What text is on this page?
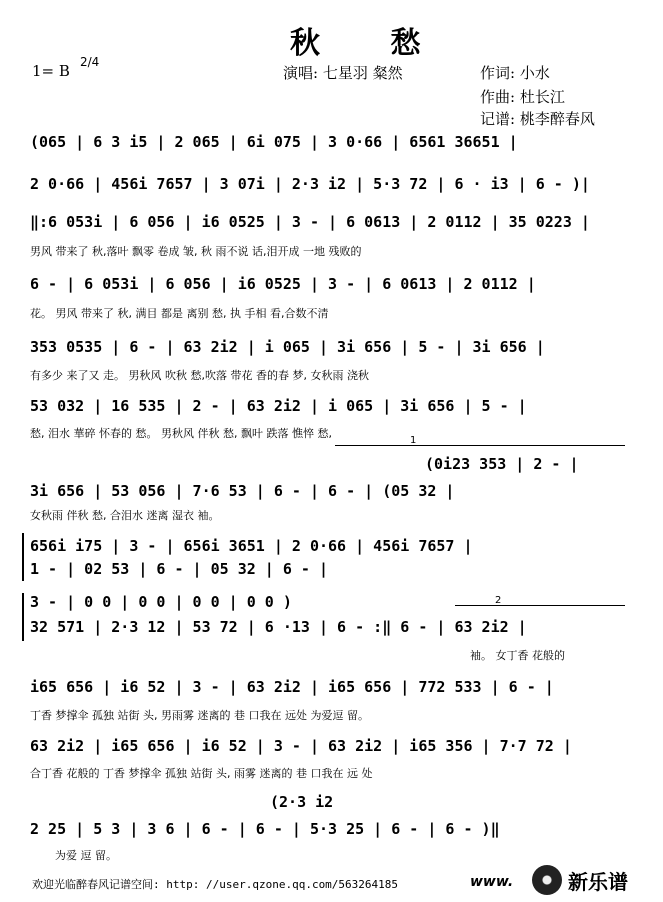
秋 愁
1= B 2/4
演唱: 七星羽 粲然	作词: 小水
作曲: 杜长江
记谱: 桃李醉春风
(065 | 6 3 i5 | 2 065 | 6i 075 | 3 0·66 | 6561 36651 |
2 0·66 | 456i 7657 | 3 07i | 2·3 i2 | 5·3 72 | 6 · i3 | 6 - )|
‖:6 053i | 6 056 | i6 0525 | 3 - | 6 0613 | 2 0112 | 35 0223 |
男风 带来了 秋,落叶 飘零 卷成 皱, 秋 雨不说 话,泪开成 一地 残败的
6 - | 6 053i | 6 056 | i6 0525 | 3 - | 6 0613 | 2 0112 |
花。 男风 带来了 秋, 满目 都是 离别 愁, 执 手相 看,合数不清
353 0535 | 6 - | 63 2i2 | i 065 | 3i 656 | 5 - | 3i 656 |
有多少 来了又 走。 男秋风 吹秋 愁,吹落 带花 香的春 梦, 女秋雨 浇秋
53 032 | 16 535 | 2 - | 63 2i2 | i 065 | 3i 656 | 5 - |
愁, 泪水 華碎 怀春的 愁。 男秋风 伴秋 愁, 飘叶 跌落 憔悴 愁,
1
(0i23 353 | 2 - |
3i 656 | 53 056 | 7·6 53 | 6 - | 6 - | (05 32 |
女秋雨 伴秋 愁, 合泪水 迷离 湿衣 袖。
656i i75 | 3 - | 656i 3651 | 2 0·66 | 456i 7657 |
1 - | 02 53 | 6 - | 05 32 | 6 - |
3 - | 0 0 | 0 0 | 0 0 | 0 0 )	2
32 571 | 2·3 12 | 53 72 | 6 ·13 | 6 - :‖ 6 - | 63 2i2 |
袖。 女丁香 花般的
i65 656 | i6 52 | 3 - | 63 2i2 | i65 656 | 772 533 | 6 - |
丁香 梦撑伞 孤独 站街 头, 男雨雾 迷离的 巷 口我在 远处 为爱逗 留。
63 2i2 | i65 656 | i6 52 | 3 - | 63 2i2 | i65 356 | 7·7 72 |
合丁香 花般的 丁香 梦撑伞 孤独 站街 头, 雨雾 迷离的 巷 口我在 远 处
(2·3 i2
2 25 | 5 3 | 3 6 | 6 - | 6 - | 5·3 25 | 6 - | 6 - )‖
为爱 逗 留。
欢迎光临醉春风记谱空间: http: //user.qzone.qq.com/563264185	www.	新乐谱
